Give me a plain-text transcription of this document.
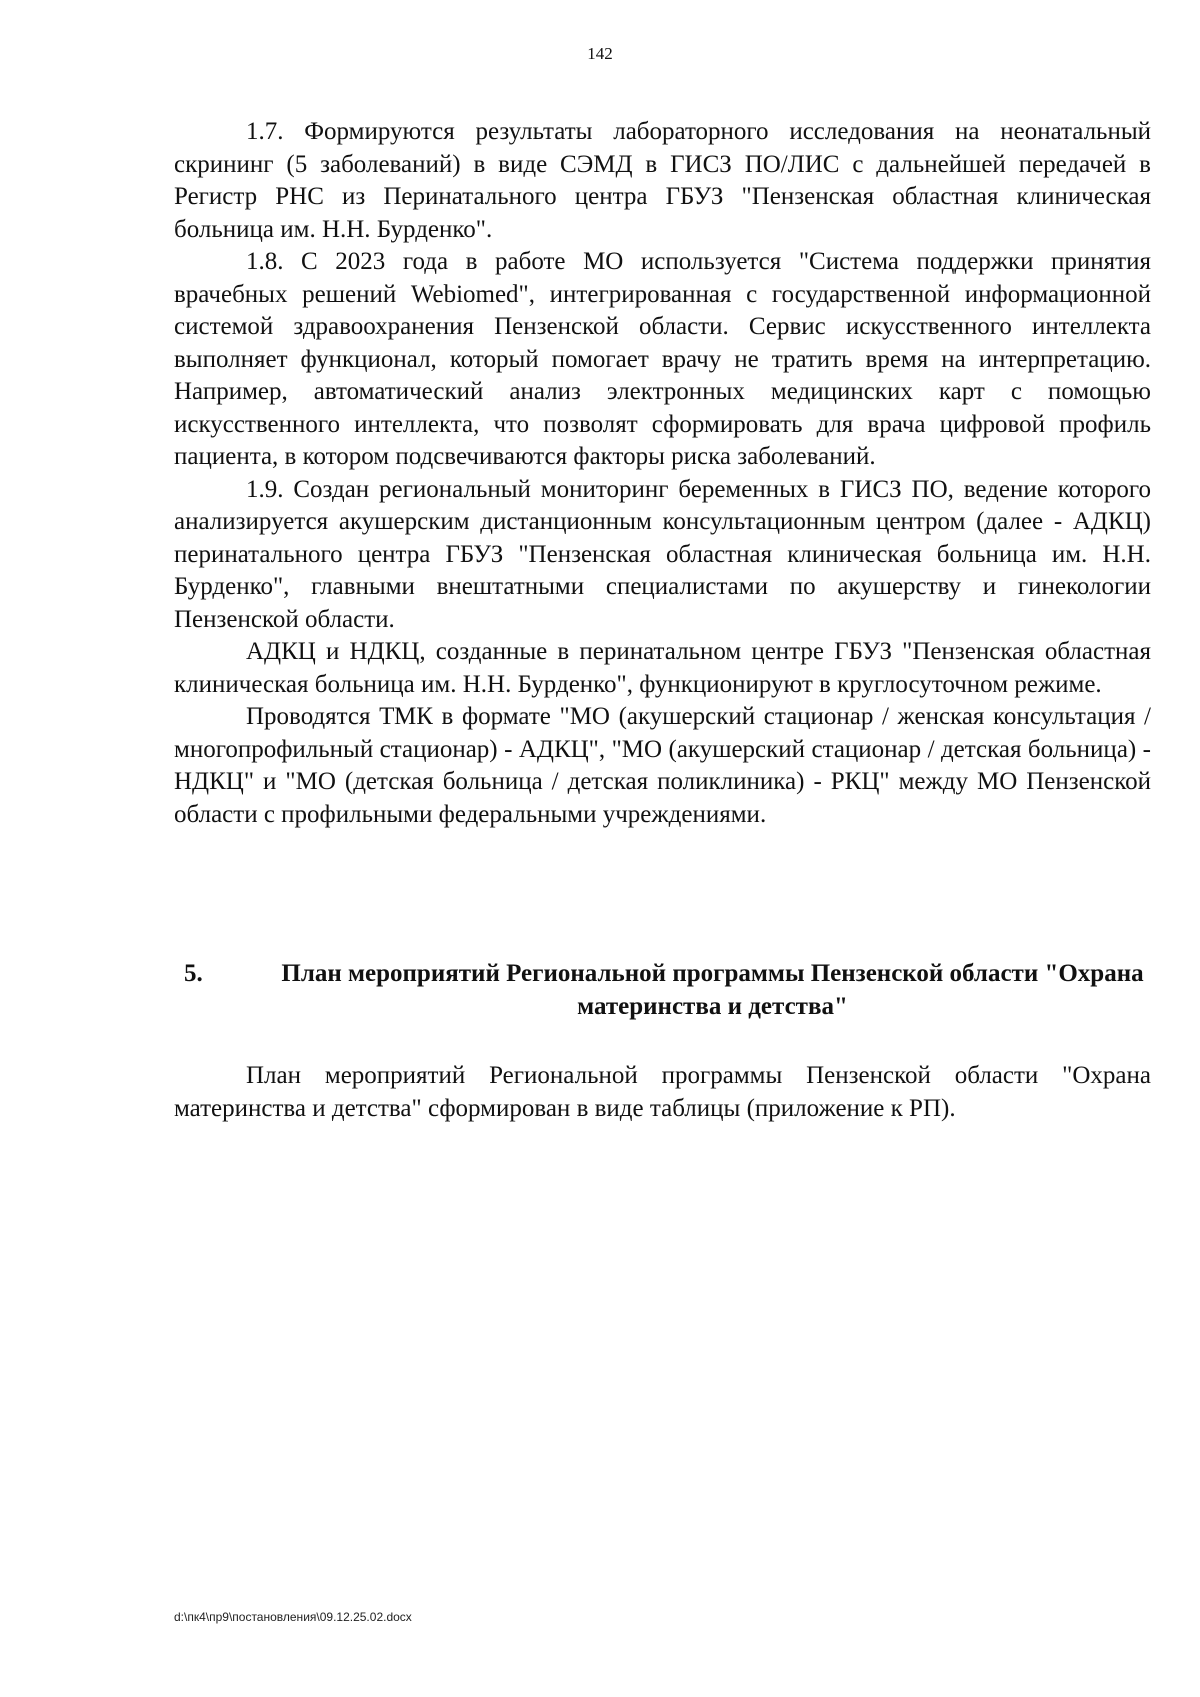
142

1.7. Формируются результаты лабораторного исследования на неонатальный скрининг (5 заболеваний) в виде СЭМД в ГИСЗ ПО/ЛИС с дальнейшей передачей в Регистр РНС из Перинатального центра ГБУЗ "Пензенская областная клиническая больница им. Н.Н. Бурденко".

1.8. С 2023 года в работе МО используется "Система поддержки принятия врачебных решений Webiomed", интегрированная с государственной информационной системой здравоохранения Пензенской области. Сервис искусственного интеллекта выполняет функционал, который помогает врачу не тратить время на интерпретацию. Например, автоматический анализ электронных медицинских карт с помощью искусственного интеллекта, что позволят сформировать для врача цифровой профиль пациента, в котором подсвечиваются факторы риска заболеваний.

1.9. Создан региональный мониторинг беременных в ГИСЗ ПО, ведение которого анализируется акушерским дистанционным консультационным центром (далее - АДКЦ) перинатального центра ГБУЗ "Пензенская областная клиническая больница им. Н.Н. Бурденко", главными внештатными специалистами по акушерству и гинекологии Пензенской области.

АДКЦ и НДКЦ, созданные в перинатальном центре ГБУЗ "Пензенская областная клиническая больница им. Н.Н. Бурденко", функционируют в круглосуточном режиме.

Проводятся ТМК в формате "МО (акушерский стационар / женская консультация / многопрофильный стационар) - АДКЦ", "МО (акушерский стационар / детская больница) - НДКЦ" и "МО (детская больница / детская поликлиника) - РКЦ" между МО Пензенской области с профильными федеральными учреждениями.

5.	План мероприятий Региональной программы Пензенской области "Охрана материнства и детства"

План мероприятий Региональной программы Пензенской области "Охрана материнства и детства" сформирован в виде таблицы (приложение к РП).

d:\пк4\пр9\постановления\09.12.25.02.docx
